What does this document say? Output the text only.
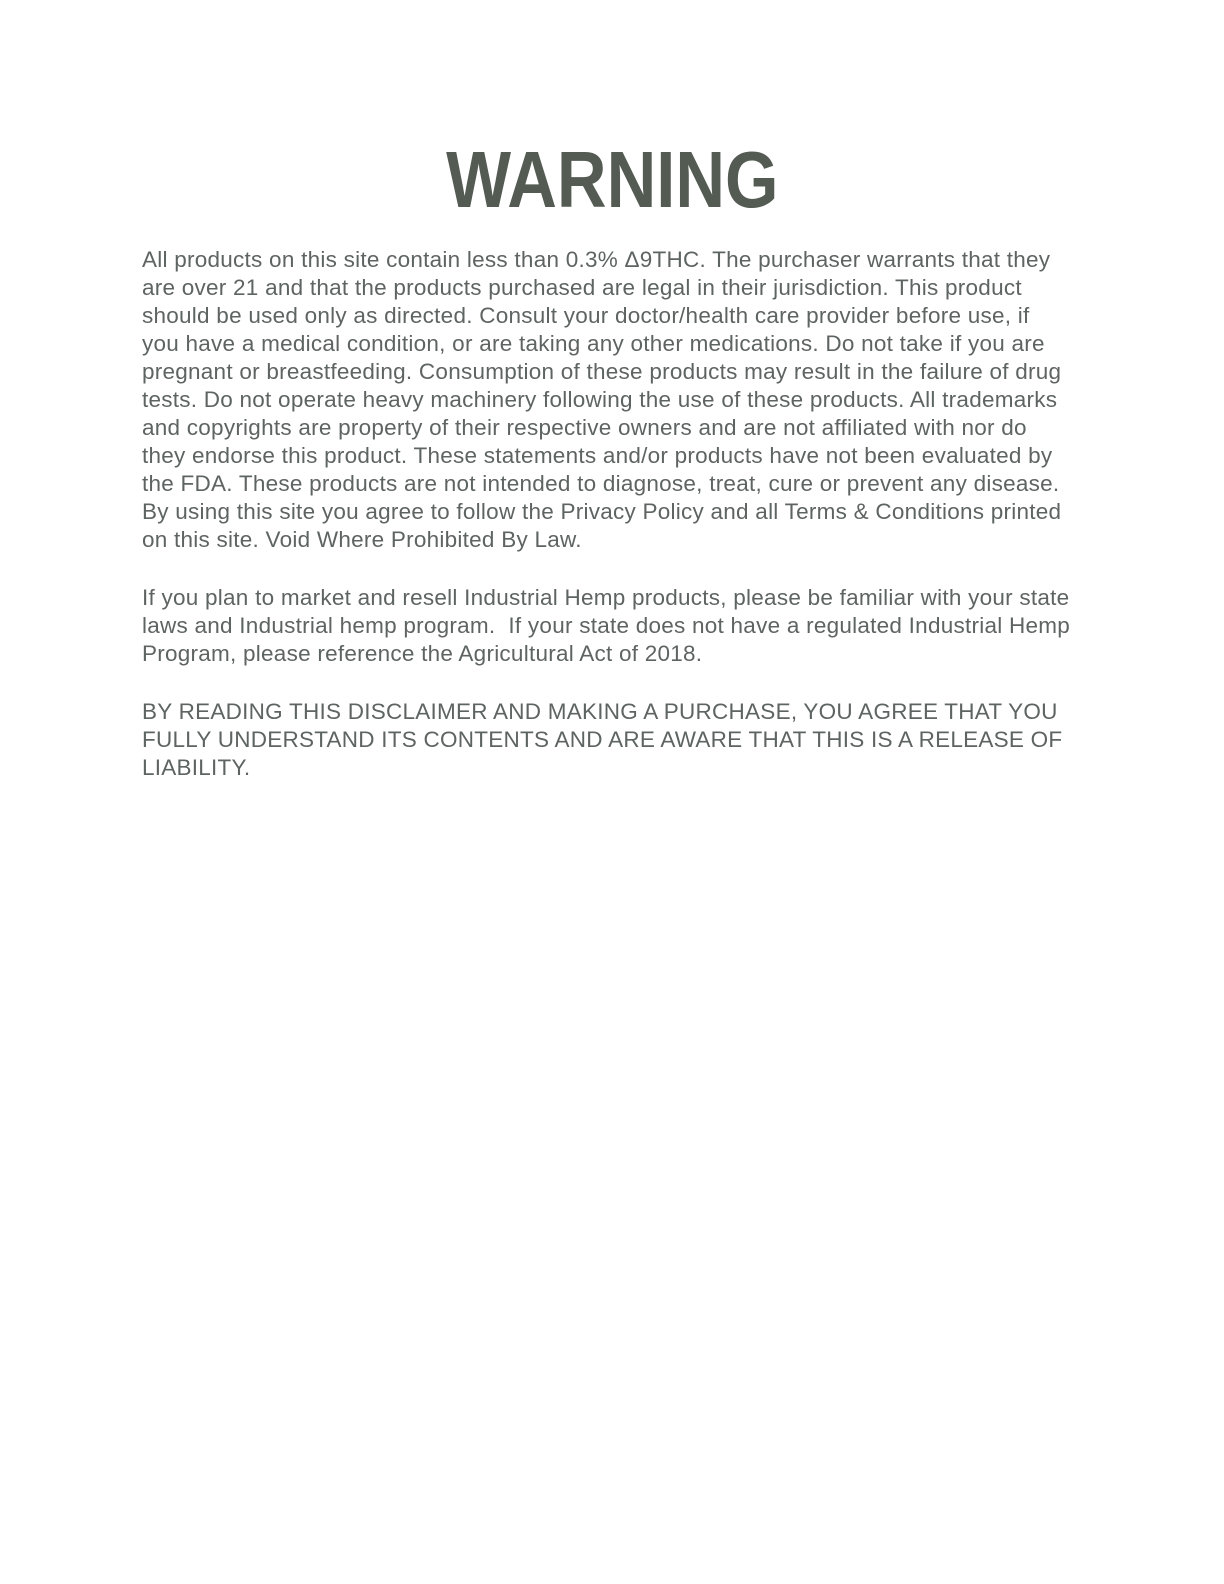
WARNING

All products on this site contain less than 0.3% Δ9THC. The purchaser warrants that they are over 21 and that the products purchased are legal in their jurisdiction. This product should be used only as directed. Consult your doctor/health care provider before use, if you have a medical condition, or are taking any other medications. Do not take if you are pregnant or breastfeeding. Consumption of these products may result in the failure of drug tests. Do not operate heavy machinery following the use of these products. All trademarks and copyrights are property of their respective owners and are not affiliated with nor do they endorse this product. These statements and/or products have not been evaluated by the FDA. These products are not intended to diagnose, treat, cure or prevent any disease. By using this site you agree to follow the Privacy Policy and all Terms & Conditions printed on this site. Void Where Prohibited By Law.

If you plan to market and resell Industrial Hemp products, please be familiar with your state laws and Industrial hemp program.  If your state does not have a regulated Industrial Hemp Program, please reference the Agricultural Act of 2018.

BY READING THIS DISCLAIMER AND MAKING A PURCHASE, YOU AGREE THAT YOU FULLY UNDERSTAND ITS CONTENTS AND ARE AWARE THAT THIS IS A RELEASE OF LIABILITY.
